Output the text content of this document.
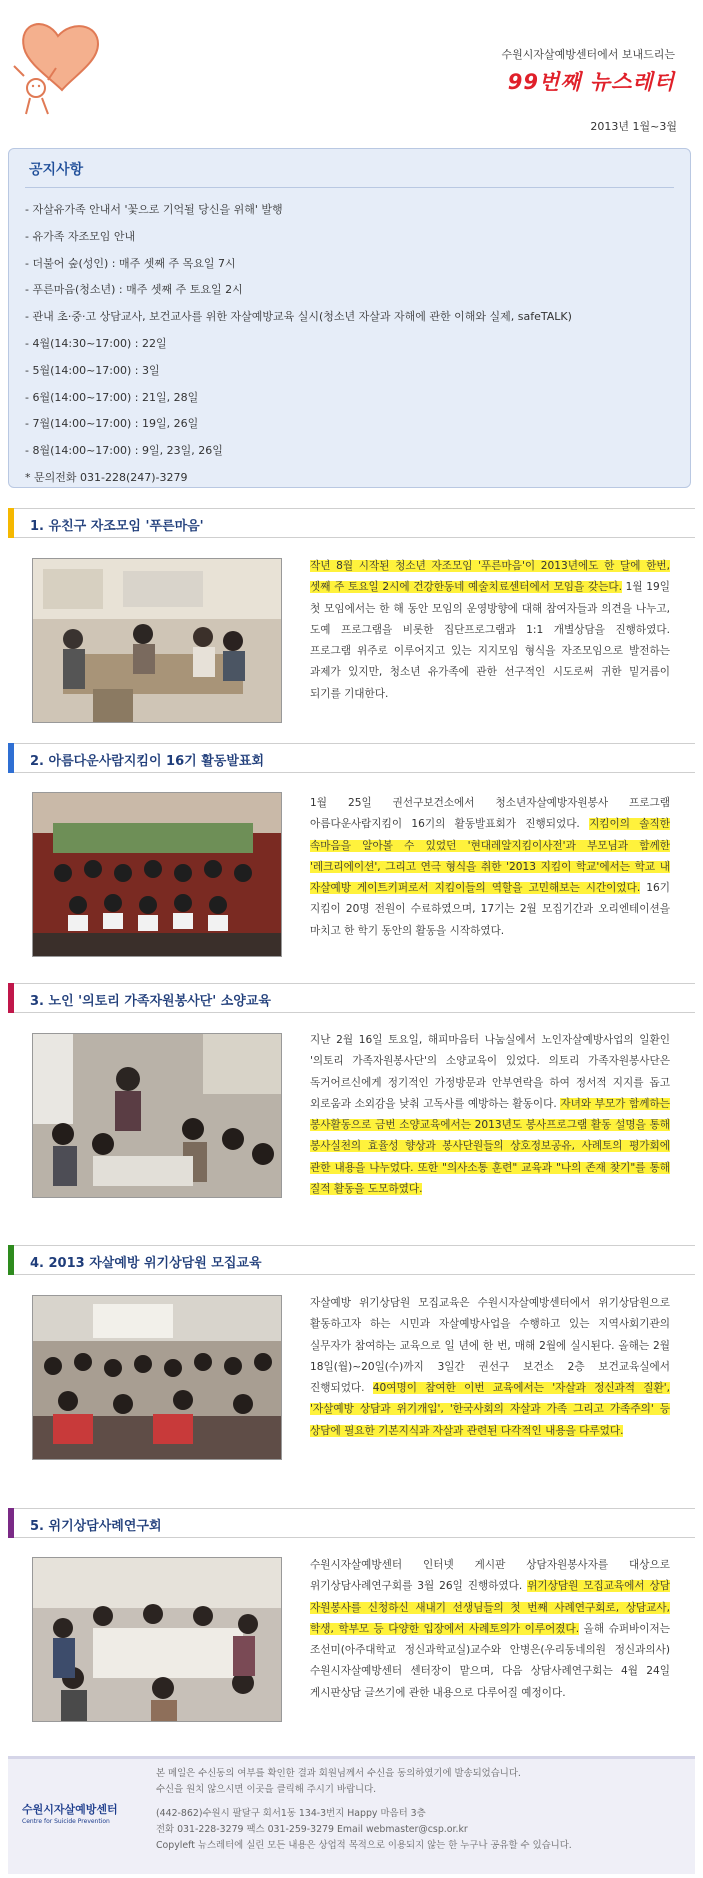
수원시자살예방센터에서 보내드리는
99번째 뉴스레터
2013년 1월~3월
공지사항
- 자살유가족 안내서 '꽃으로 기억될 당신을 위해' 발행
- 유가족 자조모임 안내
- 더불어 숲(성인) : 매주 셋째 주 목요일 7시
- 푸른마음(청소년) : 매주 셋째 주 토요일 2시
- 관내 초·중·고 상담교사, 보건교사를 위한 자살예방교육 실시(청소년 자살과 자해에 관한 이해와 실제, safeTALK)
- 4월(14:30~17:00) : 22일
- 5월(14:00~17:00) : 3일
- 6월(14:00~17:00) : 21일, 28일
- 7월(14:00~17:00) : 19일, 26일
- 8월(14:00~17:00) : 9일, 23일, 26일
* 문의전화 031-228(247)-3279
1. 유친구 자조모임 '푸른마음'

작년 8월 시작된 청소년 자조모임 '푸른마음'이 2013년에도 한 달에 한번, 셋째 주 토요일 2시에 건강한동네 예술치료센터에서 모임을 갖는다. 1월 19일 첫 모임에서는 한 해 동안 모임의 운영방향에 대해 참여자들과 의견을 나누고, 도예 프로그램을 비롯한 집단프로그램과 1:1 개별상담을 진행하였다. 프로그램 위주로 이루어지고 있는 지지모임 형식을 자조모임으로 발전하는 과제가 있지만, 청소년 유가족에 관한 선구적인 시도로써 귀한 밑거름이 되기를 기대한다.

2. 아름다운사람지킴이 16기 활동발표회

1월 25일 권선구보건소에서 청소년자살예방자원봉사 프로그램 아름다운사람지킴이 16기의 활동발표회가 진행되었다. 지킴이의 솔직한 속마음을 알아볼 수 있었던 '현대레알지킴이사전'과 부모님과 함께한 '레크리에이션', 그리고 연극 형식을 취한 '2013 지킴이 학교'에서는 학교 내 자살예방 게이트키퍼로서 지킴이들의 역할을 고민해보는 시간이었다. 16기 지킴이 20명 전원이 수료하였으며, 17기는 2월 모집기간과 오리엔테이션을 마치고 한 학기 동안의 활동을 시작하였다.

3. 노인 '의토리 가족자원봉사단' 소양교육

지난 2월 16일 토요일, 해피마음터 나눔실에서 노인자살예방사업의 일환인 '의토리 가족자원봉사단'의 소양교육이 있었다. 의토리 가족자원봉사단은 독거어르신에게 정기적인 가정방문과 안부연락을 하여 정서적 지지를 돕고 외로움과 소외감을 낮춰 고독사를 예방하는 활동이다. 자녀와 부모가 함께하는 봉사활동으로 금번 소양교육에서는 2013년도 봉사프로그램 활동 설명을 통해 봉사실천의 효율성 향상과 봉사단원들의 상호정보공유, 사례토의 평가회에 관한 내용을 나누었다. 또한 "의사소통 훈련" 교육과 "나의 존재 찾기"를 통해 질적 활동을 도모하였다.

4. 2013 자살예방 위기상담원 모집교육

자살예방 위기상담원 모집교육은 수원시자살예방센터에서 위기상담원으로 활동하고자 하는 시민과 자살예방사업을 수행하고 있는 지역사회기관의 실무자가 참여하는 교육으로 일 년에 한 번, 매해 2월에 실시된다. 올해는 2월 18일(월)~20일(수)까지 3일간 권선구 보건소 2층 보건교육실에서 진행되었다. 40여명이 참여한 이번 교육에서는 '자살과 정신과적 질환', '자살예방 상담과 위기개입', '한국사회의 자살과 가족 그리고 가족주의' 등 상담에 필요한 기본지식과 자살과 관련된 다각적인 내용을 다루었다.

5. 위기상담사례연구회

수원시자살예방센터 인터넷 게시판 상담자원봉사자를 대상으로 위기상담사례연구회를 3월 26일 진행하였다. 위기상담원 모집교육에서 상담 자원봉사를 신청하신 새내기 선생님들의 첫 번째 사례연구회로, 상담교사, 학생, 학부모 등 다양한 입장에서 사례토의가 이루어졌다. 올해 슈퍼바이저는 조선미(아주대학교 정신과학교실)교수와 안병은(우리동네의원 정신과의사)수원시자살예방센터 센터장이 맡으며, 다음 상담사례연구회는 4월 24일 게시판상담 글쓰기에 관한 내용으로 다루어질 예정이다.

수원시자살예방센터
Centre for Suicide Prevention
본 메일은 수신동의 여부를 확인한 결과 회원님께서 수신을 동의하였기에 발송되었습니다.
수신을 원치 않으시면 이곳을 클릭해 주시기 바랍니다.
(442-862)수원시 팔달구 회서1동 134-3번지 Happy 마음터 3층
전화 031-228-3279 팩스 031-259-3279 Email webmaster@csp.or.kr
Copyleft 뉴스레터에 실린 모든 내용은 상업적 목적으로 이용되지 않는 한 누구나 공유할 수 있습니다.
